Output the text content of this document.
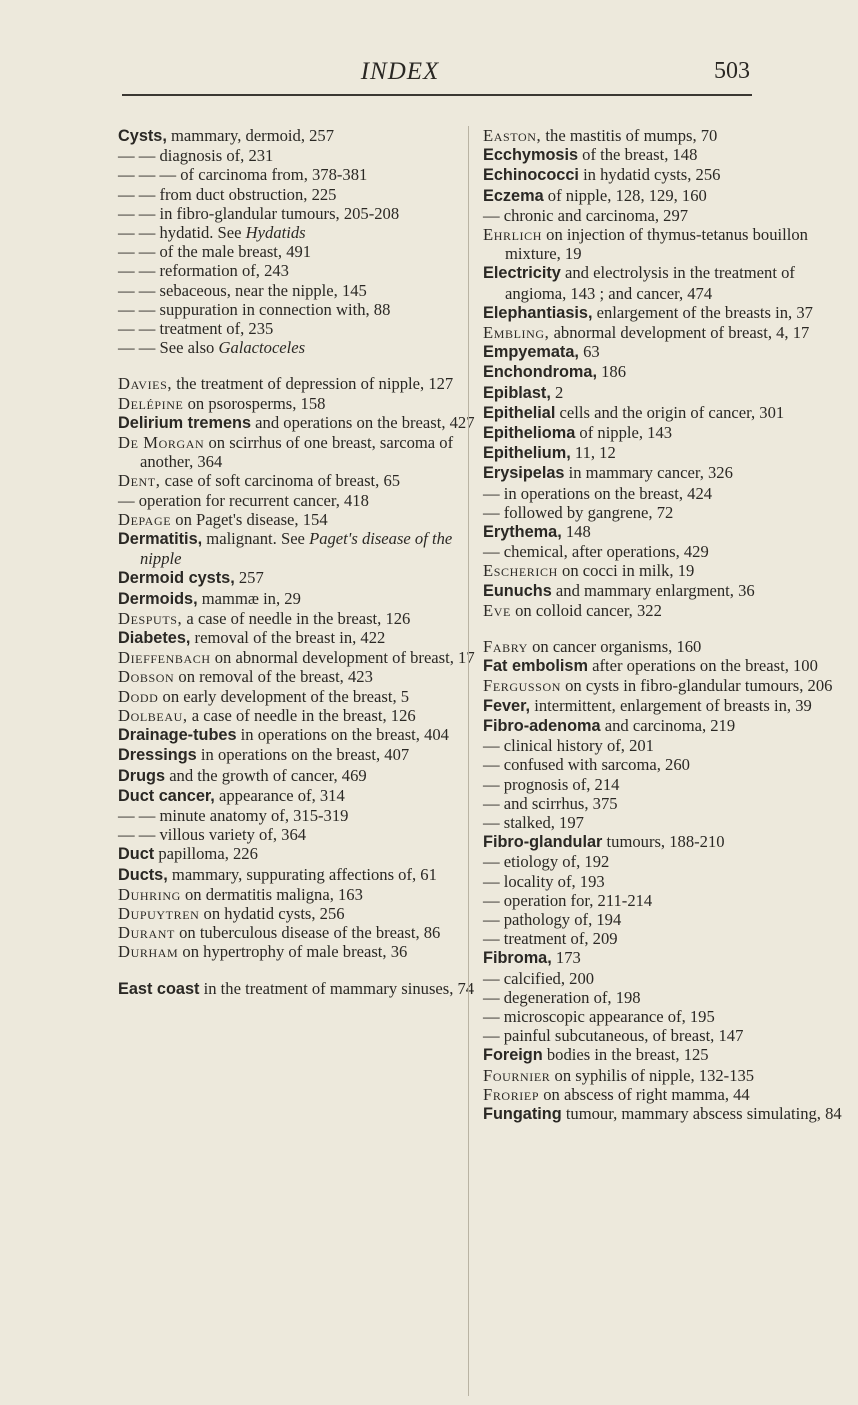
INDEX	503
Cysts, mammary, dermoid, 257
— — diagnosis of, 231
— — — of carcinoma from, 378-381
— — from duct obstruction, 225
— — in fibro-glandular tumours, 205-208
— — hydatid. See Hydatids
— — of the male breast, 491
— — reformation of, 243
— — sebaceous, near the nipple, 145
— — suppuration in connection with, 88
— — treatment of, 235
— — See also Galactoceles
Davies, the treatment of depression of nipple, 127
Delépine on psorosperms, 158
Delirium tremens and operations on the breast, 427
De Morgan on scirrhus of one breast, sarcoma of another, 364
Dent, case of soft carcinoma of breast, 65
— operation for recurrent cancer, 418
Depage on Paget's disease, 154
Dermatitis, malignant. See Paget's disease of the nipple
Dermoid cysts, 257
Dermoids, mammæ in, 29
Desputs, a case of needle in the breast, 126
Diabetes, removal of the breast in, 422
Dieffenbach on abnormal development of breast, 17
Dobson on removal of the breast, 423
Dodd on early development of the breast, 5
Dolbeau, a case of needle in the breast, 126
Drainage-tubes in operations on the breast, 404
Dressings in operations on the breast, 407
Drugs and the growth of cancer, 469
Duct cancer, appearance of, 314
— — minute anatomy of, 315-319
— — villous variety of, 364
Duct papilloma, 226
Ducts, mammary, suppurating affections of, 61
Duhring on dermatitis maligna, 163
Dupuytren on hydatid cysts, 256
Durant on tuberculous disease of the breast, 86
Durham on hypertrophy of male breast, 36
East coast in the treatment of mammary sinuses, 74
Easton, the mastitis of mumps, 70
Ecchymosis of the breast, 148
Echinococci in hydatid cysts, 256
Eczema of nipple, 128, 129, 160
— chronic and carcinoma, 297
Ehrlich on injection of thymus-tetanus bouillon mixture, 19
Electricity and electrolysis in the treatment of angioma, 143 ; and cancer, 474
Elephantiasis, enlargement of the breasts in, 37
Embling, abnormal development of breast, 4, 17
Empyemata, 63
Enchondroma, 186
Epiblast, 2
Epithelial cells and the origin of cancer, 301
Epithelioma of nipple, 143
Epithelium, 11, 12
Erysipelas in mammary cancer, 326
— in operations on the breast, 424
— followed by gangrene, 72
Erythema, 148
— chemical, after operations, 429
Escherich on cocci in milk, 19
Eunuchs and mammary enlargment, 36
Eve on colloid cancer, 322
Fabry on cancer organisms, 160
Fat embolism after operations on the breast, 100
Fergusson on cysts in fibro-glandular tumours, 206
Fever, intermittent, enlargement of breasts in, 39
Fibro-adenoma and carcinoma, 219
— clinical history of, 201
— confused with sarcoma, 260
— prognosis of, 214
— and scirrhus, 375
— stalked, 197
Fibro-glandular tumours, 188-210
— etiology of, 192
— locality of, 193
— operation for, 211-214
— pathology of, 194
— treatment of, 209
Fibroma, 173
— calcified, 200
— degeneration of, 198
— microscopic appearance of, 195
— painful subcutaneous, of breast, 147
Foreign bodies in the breast, 125
Fournier on syphilis of nipple, 132-135
Froriep on abscess of right mamma, 44
Fungating tumour, mammary abscess simulating, 84
